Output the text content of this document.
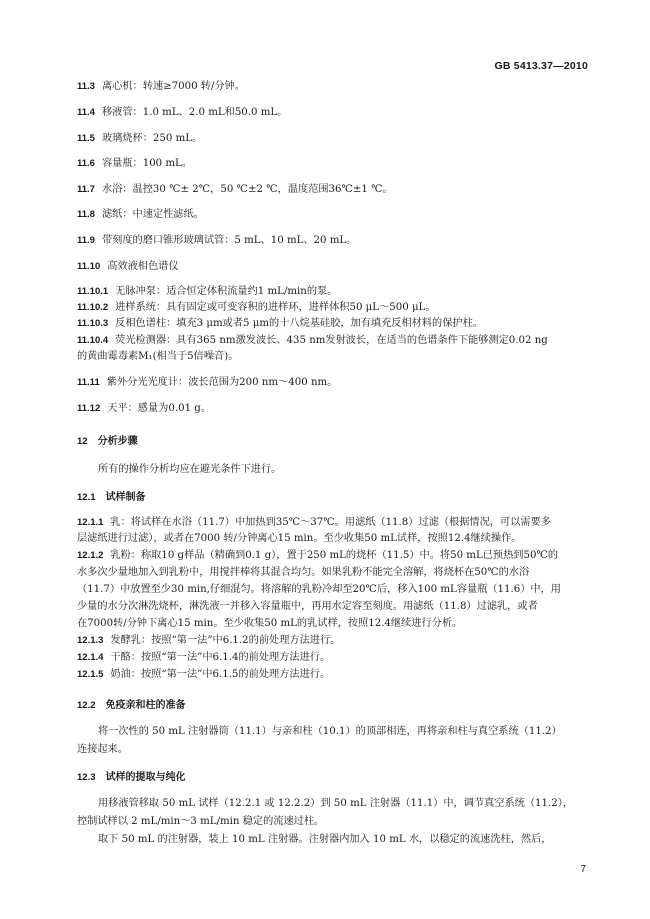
GB 5413.37—2010
11.3 离心机：转速≥7000 转/分钟。
11.4 移液管：1.0 mL、2.0 mL和50.0 mL。
11.5 玻璃烧杯：250 mL。
11.6 容量瓶：100 mL。
11.7 水浴：温控30 ℃± 2℃，50 ℃±2 ℃，温度范围36℃±1 ℃。
11.8 滤纸：中速定性滤纸。
11.9 带刻度的磨口锥形玻璃试管：5 mL、10 mL、20 mL。
11.10 高效液相色谱仪
11.10.1 无脉冲泵：适合恒定体积流量约1 mL/min的泵。
11.10.2 进样系统：具有固定或可变容积的进样环，进样体积50 μL～500 μL。
11.10.3 反相色谱柱：填充3 μm或者5 μm的十八烷基硅胶，加有填充反相材料的保护柱。
11.10.4 荧光检测器：具有365 nm激发波长、435 nm发射波长，在适当的色谱条件下能够测定0.02 ng
的黄曲霉毒素M₁(相当于5倍噪音)。
11.11 紫外分光光度计：波长范围为200 nm～400 nm。
11.12 天平：感量为0.01 g。
12 分析步骤
所有的操作分析均应在避光条件下进行。
12.1 试样制备
12.1.1 乳：将试样在水浴（11.7）中加热到35℃～37℃。用滤纸（11.8）过滤（根据情况，可以需要多
层滤纸进行过滤），或者在7000 转/分钟离心15 min。至少收集50 mL试样，按照12.4继续操作。
12.1.2 乳粉：称取10 g样品（精确到0.1 g），置于250 mL的烧杯（11.5）中。将50 mL已预热到50℃的
水多次少量地加入到乳粉中，用搅拌棒将其混合均匀。如果乳粉不能完全溶解，将烧杯在50℃的水浴
（11.7）中放置至少30 min,仔细混匀。将溶解的乳粉冷却至20℃后，移入100 mL容量瓶（11.6）中，用
少量的水分次淋洗烧杯，淋洗液一并移入容量瓶中，再用水定容至刻度。用滤纸（11.8）过滤乳，或者
在7000转/分钟下离心15 min。至少收集50 mL的乳试样，按照12.4继续进行分析。
12.1.3 发酵乳：按照“第一法”中6.1.2的前处理方法进行。
12.1.4 干酪：按照“第一法”中6.1.4的前处理方法进行。
12.1.5 奶油：按照“第一法”中6.1.5的前处理方法进行。
12.2 免疫亲和柱的准备
将一次性的 50 mL 注射器筒（11.1）与亲和柱（10.1）的顶部相连，再将亲和柱与真空系统（11.2）
连接起来。
12.3 试样的提取与纯化
用移液管移取 50 mL 试样（12.2.1 或 12.2.2）到 50 mL 注射器（11.1）中，调节真空系统（11.2），
控制试样以 2 mL/min～3 mL/min 稳定的流速过柱。
取下 50 mL 的注射器，装上 10 mL 注射器。注射器内加入 10 mL 水，以稳定的流速洗柱，然后，
7
